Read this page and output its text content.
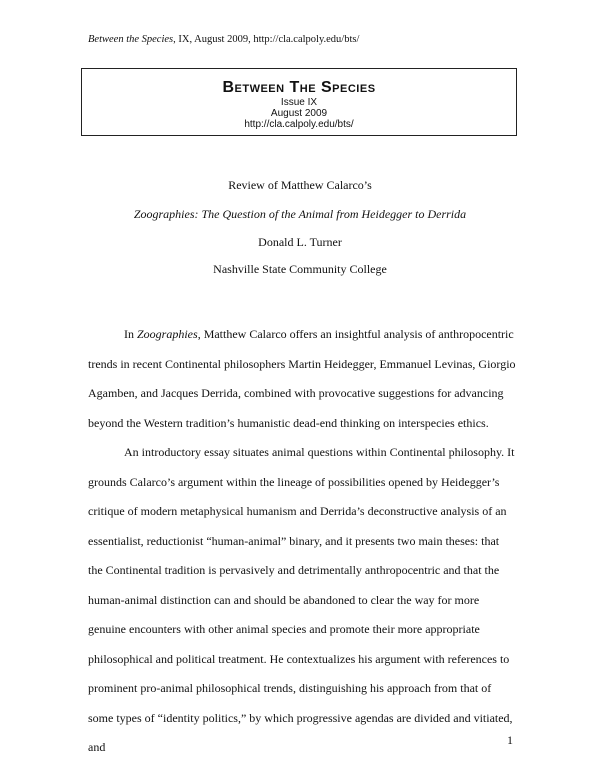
Between the Species, IX, August 2009, http://cla.calpoly.edu/bts/
Between The Species
Issue IX
August 2009
http://cla.calpoly.edu/bts/
Review of Matthew Calarco’s
Zoographies: The Question of the Animal from Heidegger to Derrida
Donald L. Turner
Nashville State Community College

In Zoographies, Matthew Calarco offers an insightful analysis of anthropocentric trends in recent Continental philosophers Martin Heidegger, Emmanuel Levinas, Giorgio Agamben, and Jacques Derrida, combined with provocative suggestions for advancing beyond the Western tradition’s humanistic dead-end thinking on interspecies ethics.

An introductory essay situates animal questions within Continental philosophy. It grounds Calarco’s argument within the lineage of possibilities opened by Heidegger’s critique of modern metaphysical humanism and Derrida’s deconstructive analysis of an essentialist, reductionist “human-animal” binary, and it presents two main theses: that the Continental tradition is pervasively and detrimentally anthropocentric and that the human-animal distinction can and should be abandoned to clear the way for more genuine encounters with other animal species and promote their more appropriate philosophical and political treatment. He contextualizes his argument with references to prominent pro-animal philosophical trends, distinguishing his approach from that of some types of “identity politics,” by which progressive agendas are divided and vitiated, and	1
